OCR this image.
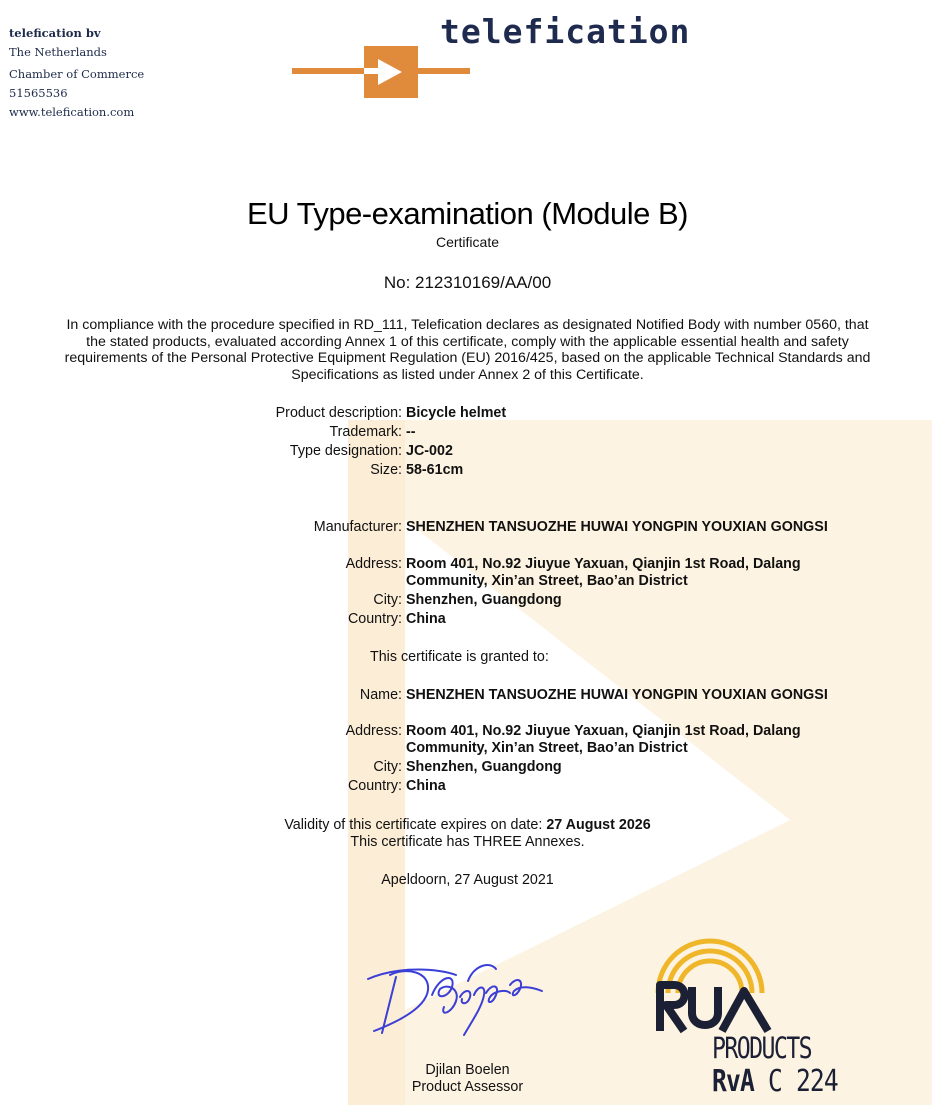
telefication bv
The Netherlands
Chamber of Commerce
51565536
www.telefication.com
telefication
EU Type-examination (Module B)
Certificate
No: 212310169/AA/00
In compliance with the procedure specified in RD_111, Telefication declares as designated Notified Body with number 0560, that the stated products, evaluated according Annex 1 of this certificate, comply with the applicable essential health and safety requirements of the Personal Protective Equipment Regulation (EU) 2016/425, based on the applicable Technical Standards and Specifications as listed under Annex 2 of this Certificate.
Product description: Bicycle helmet
Trademark: --
Type designation: JC-002
Size: 58-61cm
Manufacturer: SHENZHEN TANSUOZHE HUWAI YONGPIN YOUXIAN GONGSI
Address: Room 401, No.92 Jiuyue Yaxuan, Qianjin 1st Road, Dalang Community, Xin’an Street, Bao’an District
City: Shenzhen, Guangdong
Country: China
This certificate is granted to:
Name: SHENZHEN TANSUOZHE HUWAI YONGPIN YOUXIAN GONGSI
Address: Room 401, No.92 Jiuyue Yaxuan, Qianjin 1st Road, Dalang Community, Xin’an Street, Bao’an District
City: Shenzhen, Guangdong
Country: China
Validity of this certificate expires on date: 27 August 2026
This certificate has THREE Annexes.
Apeldoorn, 27 August 2021
Djilan Boelen
Product Assessor
PRODUCTS
RvA C 224
